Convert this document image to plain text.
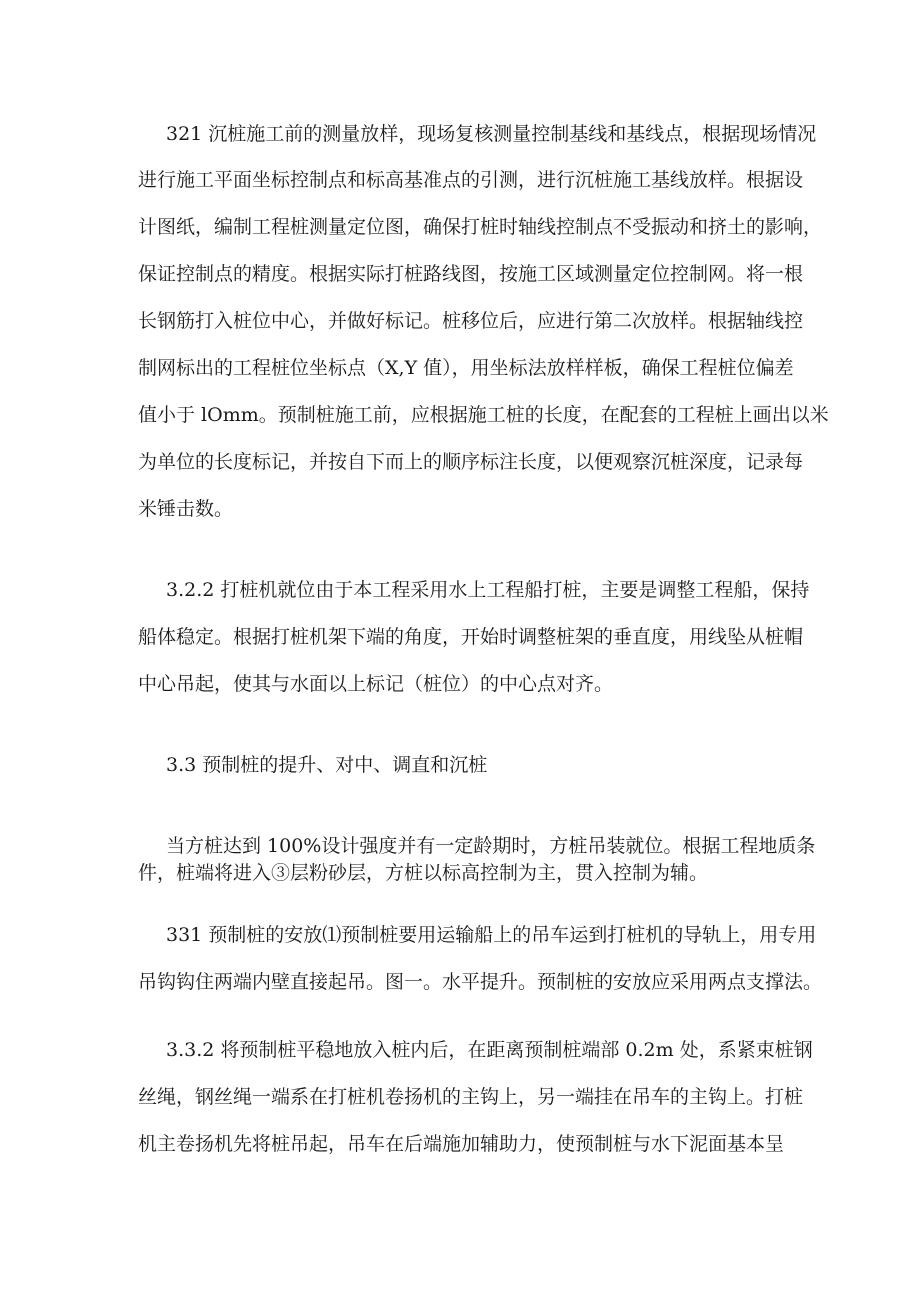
321 沉桩施工前的测量放样，现场复核测量控制基线和基线点，根据现场情况
进行施工平面坐标控制点和标高基准点的引测，进行沉桩施工基线放样。根据设
计图纸，编制工程桩测量定位图，确保打桩时轴线控制点不受振动和挤土的影响，
保证控制点的精度。根据实际打桩路线图，按施工区域测量定位控制网。将一根
长钢筋打入桩位中心，并做好标记。桩移位后，应进行第二次放样。根据轴线控
制网标出的工程桩位坐标点（X,Y 值），用坐标法放样样板，确保工程桩位偏差
值小于 lOmm。预制桩施工前，应根据施工桩的长度，在配套的工程桩上画出以米
为单位的长度标记，并按自下而上的顺序标注长度，以便观察沉桩深度，记录每
米锤击数。
3.2.2 打桩机就位由于本工程采用水上工程船打桩，主要是调整工程船，保持
船体稳定。根据打桩机架下端的角度，开始时调整桩架的垂直度，用线坠从桩帽
中心吊起，使其与水面以上标记（桩位）的中心点对齐。
3.3 预制桩的提升、对中、调直和沉桩
当方桩达到 100%设计强度并有一定龄期时，方桩吊装就位。根据工程地质条
件，桩端将进入③层粉砂层，方桩以标高控制为主，贯入控制为辅。
331 预制桩的安放⑴预制桩要用运输船上的吊车运到打桩机的导轨上，用专用
吊钩钩住两端内壁直接起吊。图一。水平提升。预制桩的安放应采用两点支撑法。
3.3.2 将预制桩平稳地放入桩内后，在距离预制桩端部 0.2m 处，系紧束桩钢
丝绳，钢丝绳一端系在打桩机卷扬机的主钩上，另一端挂在吊车的主钩上。打桩
机主卷扬机先将桩吊起，吊车在后端施加辅助力，使预制桩与水下泥面基本呈
